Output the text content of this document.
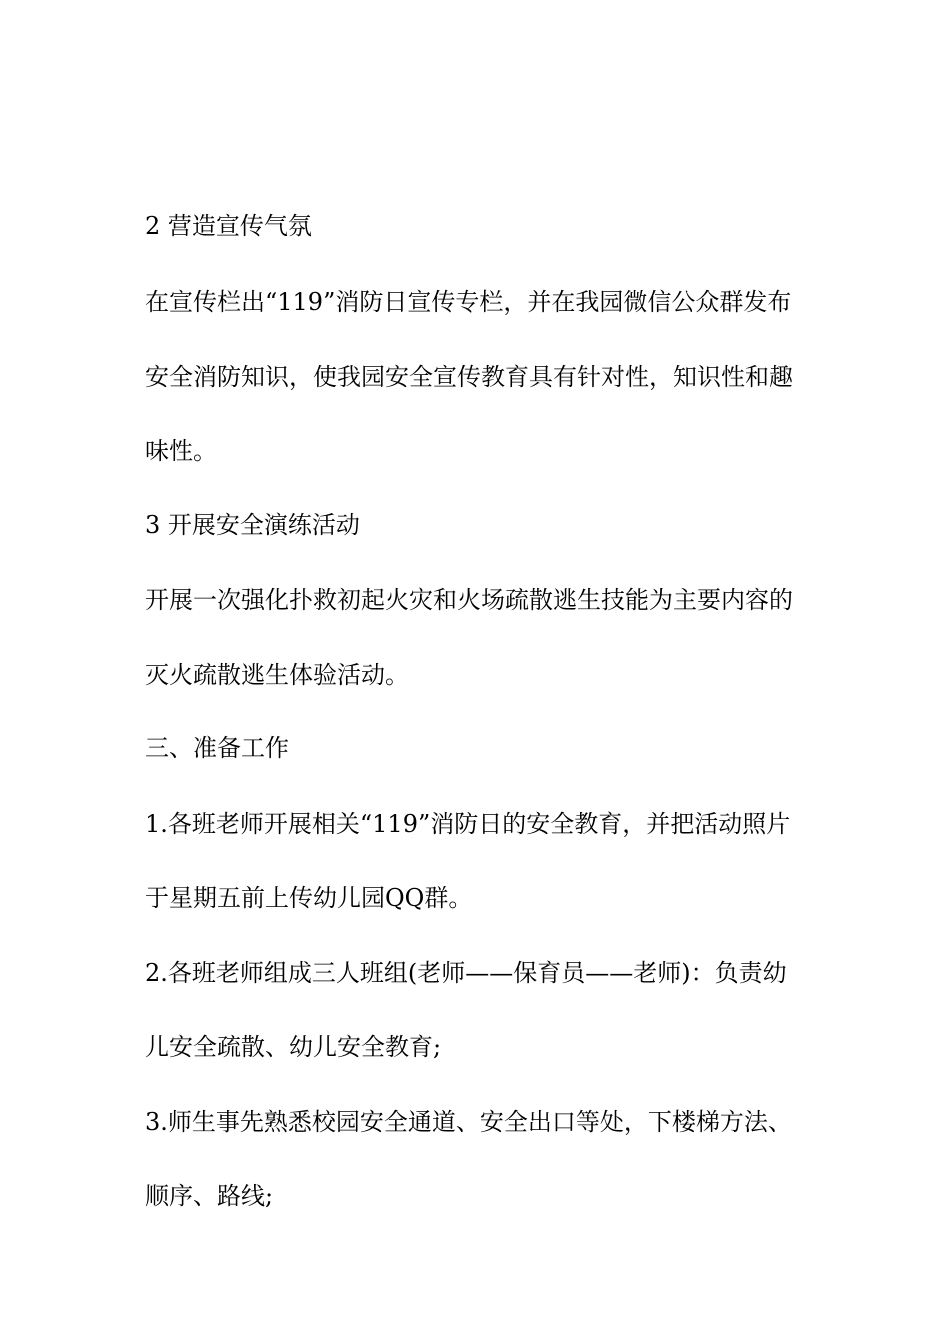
2 营造宣传气氛
在宣传栏出“119”消防日宣传专栏，并在我园微信公众群发布
安全消防知识，使我园安全宣传教育具有针对性，知识性和趣
味性。
3 开展安全演练活动
开展一次强化扑救初起火灾和火场疏散逃生技能为主要内容的
灭火疏散逃生体验活动。
三、准备工作
1.各班老师开展相关“119”消防日的安全教育，并把活动照片
于星期五前上传幼儿园QQ群。
2.各班老师组成三人班组(老师——保育员——老师)：负责幼
儿安全疏散、幼儿安全教育;
3.师生事先熟悉校园安全通道、安全出口等处，下楼梯方法、
顺序、路线;
